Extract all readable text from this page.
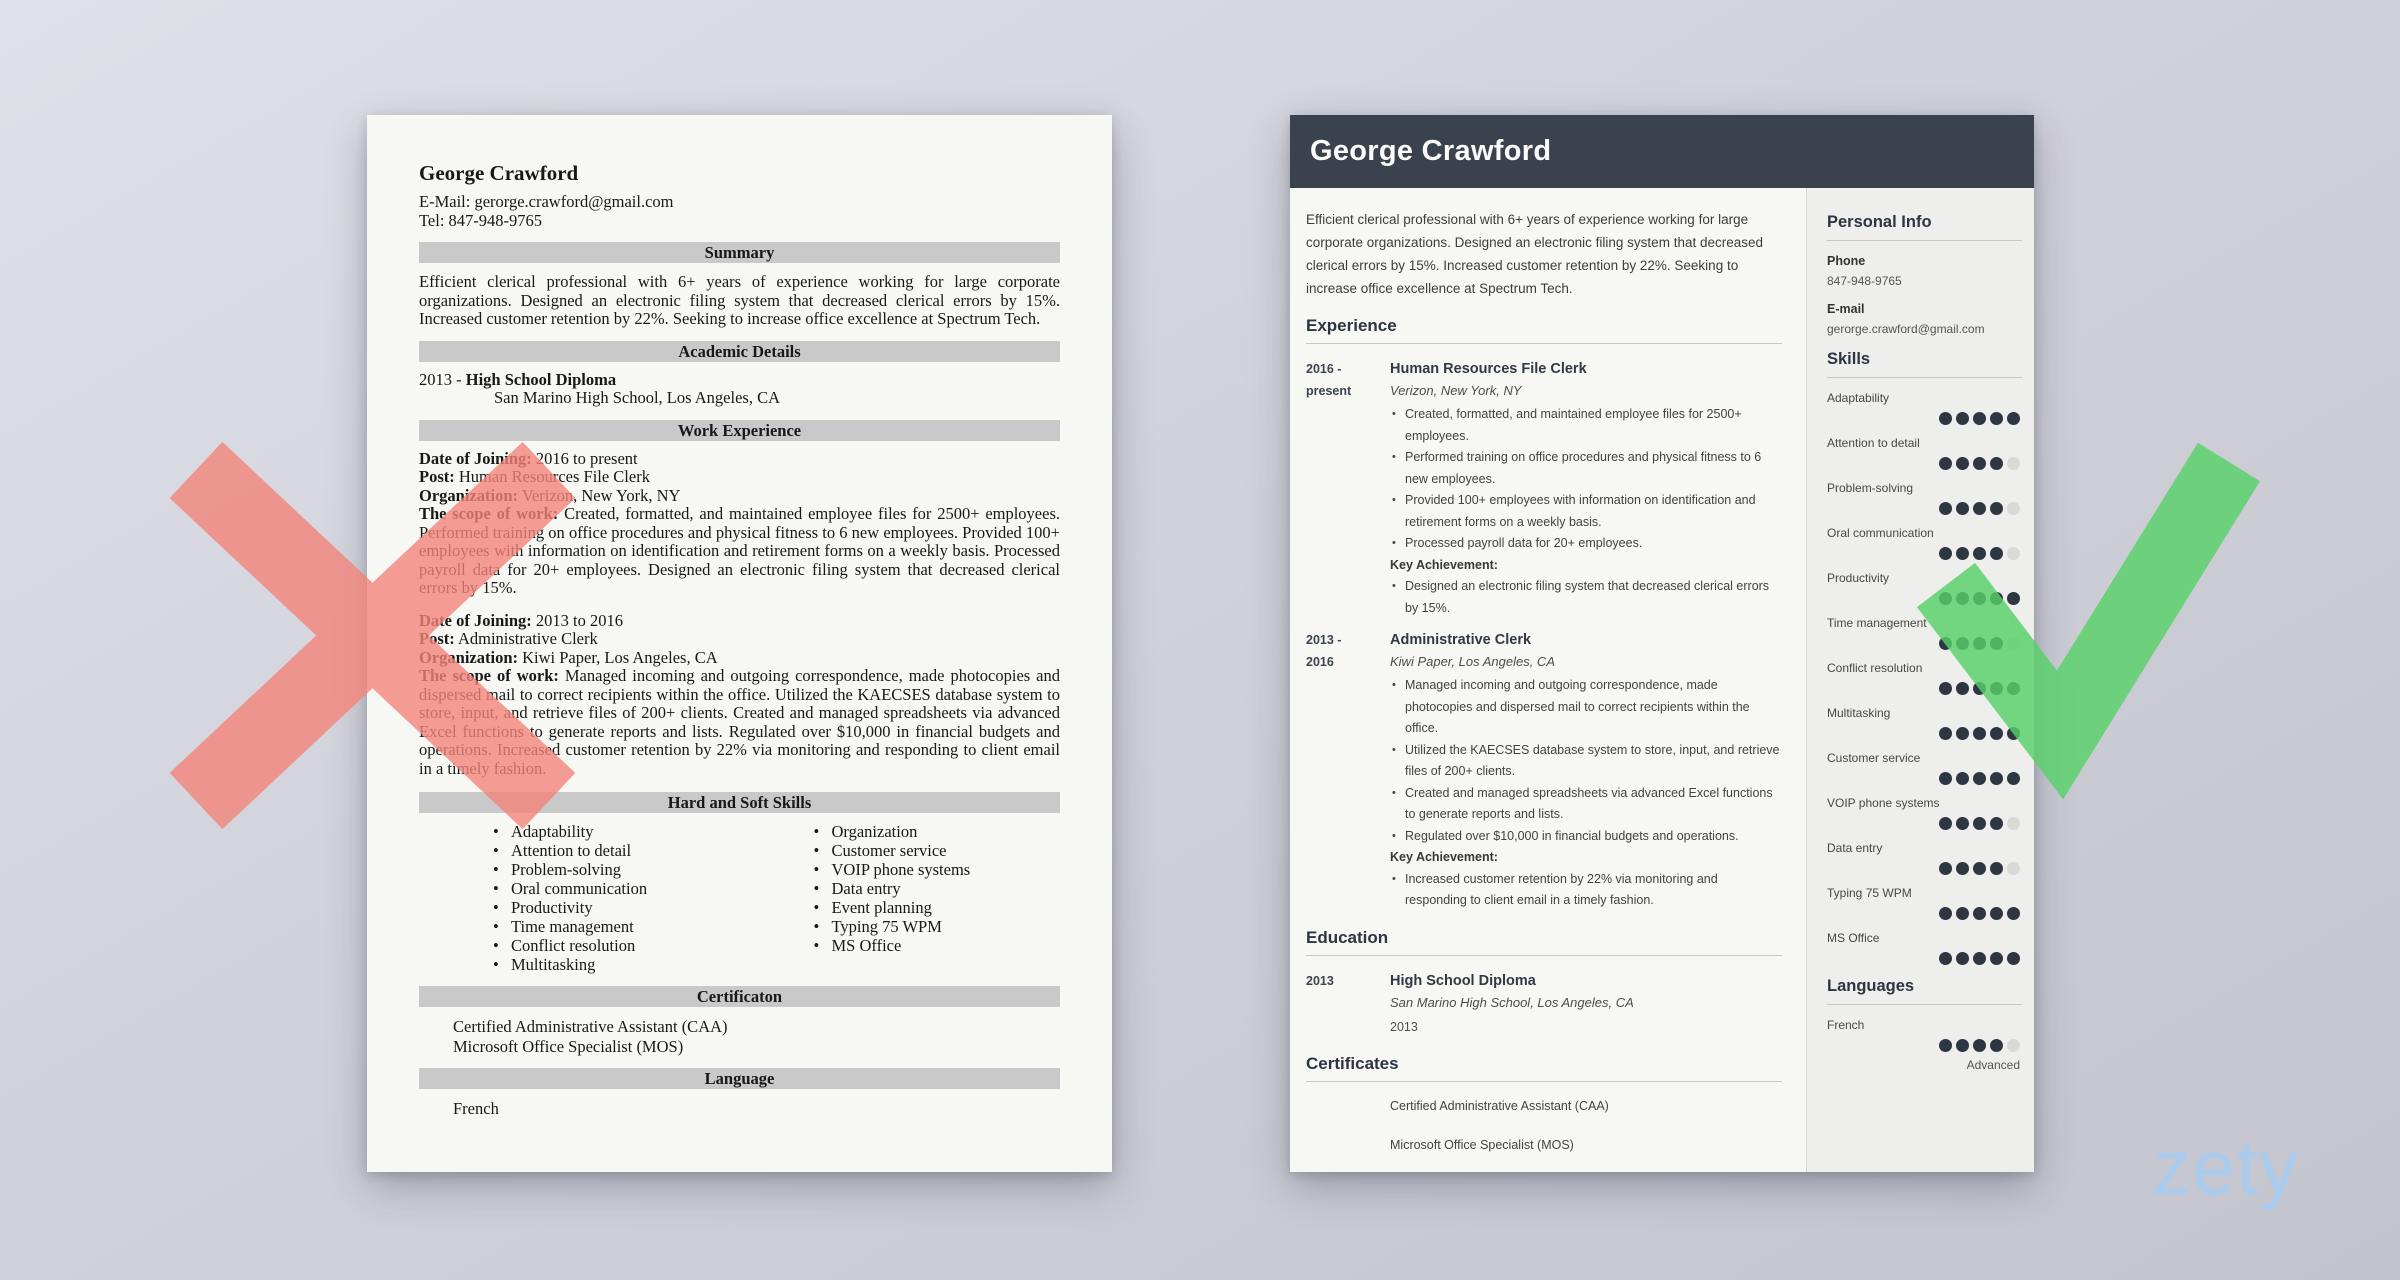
George Crawford
E-Mail: gerorge.crawford@gmail.com
Tel: 847-948-9765
Summary

Efficient clerical professional with 6+ years of experience working for large corporate organizations. Designed an electronic filing system that decreased clerical errors by 15%. Increased customer retention by 22%. Seeking to increase office excellence at Spectrum Tech.

Academic Details
2013 - High School Diploma
San Marino High School, Los Angeles, CA
Work Experience
Date of Joining: 2016 to present
Post: Human Resources File Clerk
Organization: Verizon, New York, NY
The scope of work: Created, formatted, and maintained employee files for 2500+ employees. Performed training on office procedures and physical fitness to 6 new employees. Provided 100+ employees with information on identification and retirement forms on a weekly basis. Processed payroll data for 20+ employees. Designed an electronic filing system that decreased clerical errors by 15%.
Date of Joining: 2013 to 2016
Post: Administrative Clerk
Organization: Kiwi Paper, Los Angeles, CA
The scope of work: Managed incoming and outgoing correspondence, made photocopies and dispersed mail to correct recipients within the office. Utilized the KAECSES database system to store, input, and retrieve files of 200+ clients. Created and managed spreadsheets via advanced Excel functions to generate reports and lists. Regulated over $10,000 in financial budgets and operations. Increased customer retention by 22% via monitoring and responding to client email in a timely fashion.
Hard and Soft Skills
• Adaptability
• Attention to detail
• Problem-solving
• Oral communication
• Productivity
• Time management
• Conflict resolution
• Multitasking
• Organization
• Customer service
• VOIP phone systems
• Data entry
• Event planning
• Typing 75 WPM
• MS Office
Certificaton
Certified Administrative Assistant (CAA)
Microsoft Office Specialist (MOS)
Language
French
George Crawford

Efficient clerical professional with 6+ years of experience working for large corporate organizations. Designed an electronic filing system that decreased clerical errors by 15%. Increased customer retention by 22%. Seeking to increase office excellence at Spectrum Tech.

Experience
2016 -
present
Human Resources File Clerk
Verizon, New York, NY
• Created, formatted, and maintained employee files for 2500+ employees.
• Performed training on office procedures and physical fitness to 6 new employees.
• Provided 100+ employees with information on identification and retirement forms on a weekly basis.
• Processed payroll data for 20+ employees.
Key Achievement:
• Designed an electronic filing system that decreased clerical errors by 15%.
2013 -
2016
Administrative Clerk
Kiwi Paper, Los Angeles, CA
• Managed incoming and outgoing correspondence, made photocopies and dispersed mail to correct recipients within the office.
• Utilized the KAECSES database system to store, input, and retrieve files of 200+ clients.
• Created and managed spreadsheets via advanced Excel functions to generate reports and lists.
• Regulated over $10,000 in financial budgets and operations.
Key Achievement:
• Increased customer retention by 22% via monitoring and responding to client email in a timely fashion.
Education
2013	High School Diploma
San Marino High School, Los Angeles, CA
2013
Certificates
Certified Administrative Assistant (CAA)
Microsoft Office Specialist (MOS)
Personal Info
Phone
847-948-9765
E-mail
gerorge.crawford@gmail.com
Skills
Adaptability
Attention to detail
Problem-solving
Oral communication
Productivity
Time management
Conflict resolution
Multitasking
Customer service
VOIP phone systems
Data entry
Typing 75 WPM
MS Office
Languages
French
Advanced
zety
